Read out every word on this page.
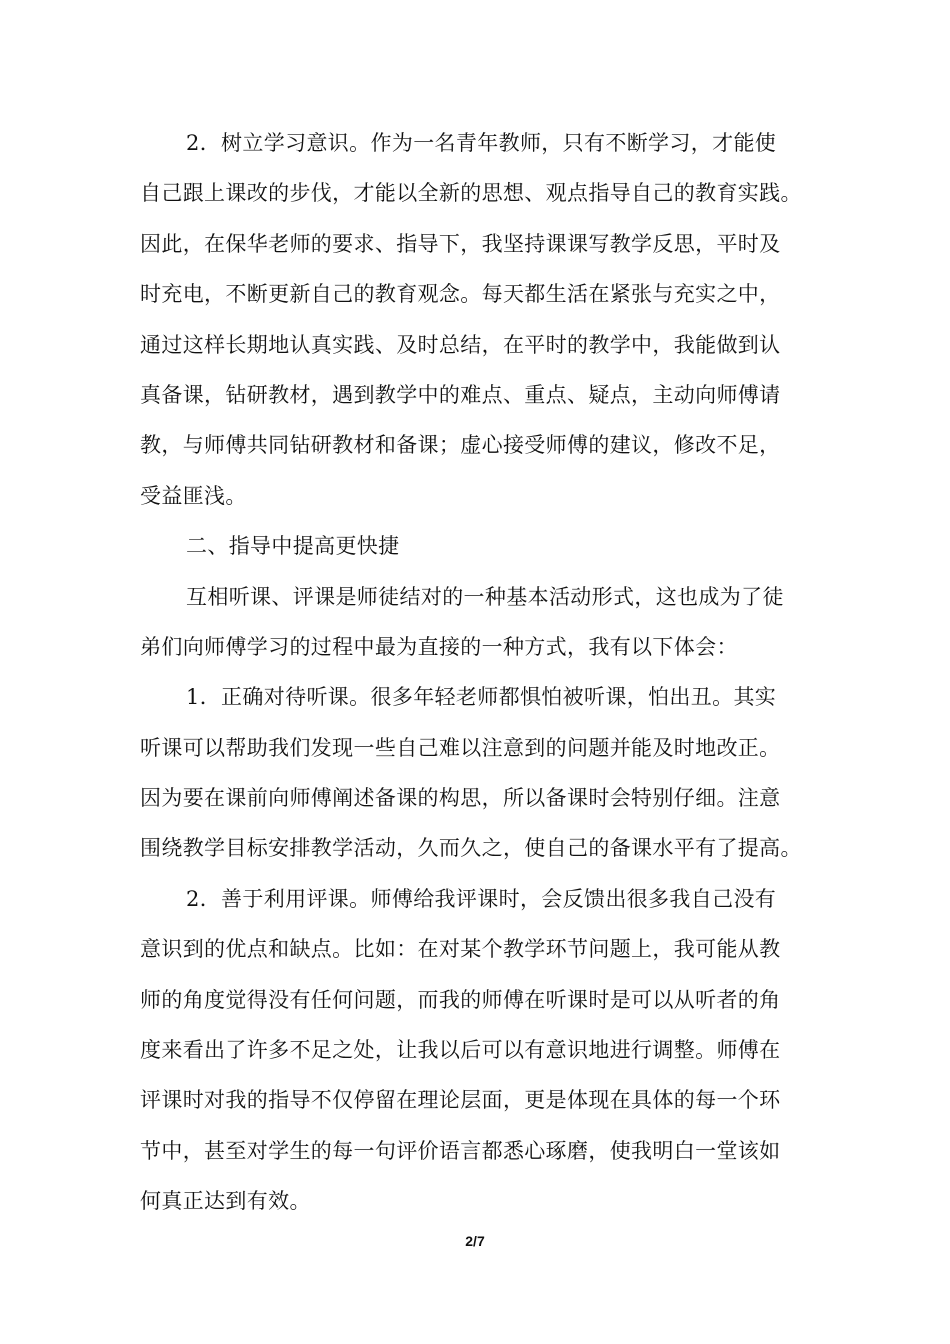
2．树立学习意识。作为一名青年教师，只有不断学习，才能使
自己跟上课改的步伐，才能以全新的思想、观点指导自己的教育实践。
因此，在保华老师的要求、指导下，我坚持课课写教学反思，平时及
时充电，不断更新自己的教育观念。每天都生活在紧张与充实之中，
通过这样长期地认真实践、及时总结，在平时的教学中，我能做到认
真备课，钻研教材，遇到教学中的难点、重点、疑点，主动向师傅请
教，与师傅共同钻研教材和备课；虚心接受师傅的建议，修改不足，
受益匪浅。
二、指导中提高更快捷
互相听课、评课是师徒结对的一种基本活动形式，这也成为了徒
弟们向师傅学习的过程中最为直接的一种方式，我有以下体会：
1．正确对待听课。很多年轻老师都惧怕被听课，怕出丑。其实
听课可以帮助我们发现一些自己难以注意到的问题并能及时地改正。
因为要在课前向师傅阐述备课的构思，所以备课时会特别仔细。注意
围绕教学目标安排教学活动，久而久之，使自己的备课水平有了提高。
2．善于利用评课。师傅给我评课时，会反馈出很多我自己没有
意识到的优点和缺点。比如：在对某个教学环节问题上，我可能从教
师的角度觉得没有任何问题，而我的师傅在听课时是可以从听者的角
度来看出了许多不足之处，让我以后可以有意识地进行调整。师傅在
评课时对我的指导不仅停留在理论层面，更是体现在具体的每一个环
节中，甚至对学生的每一句评价语言都悉心琢磨，使我明白一堂该如
何真正达到有效。
2/7
